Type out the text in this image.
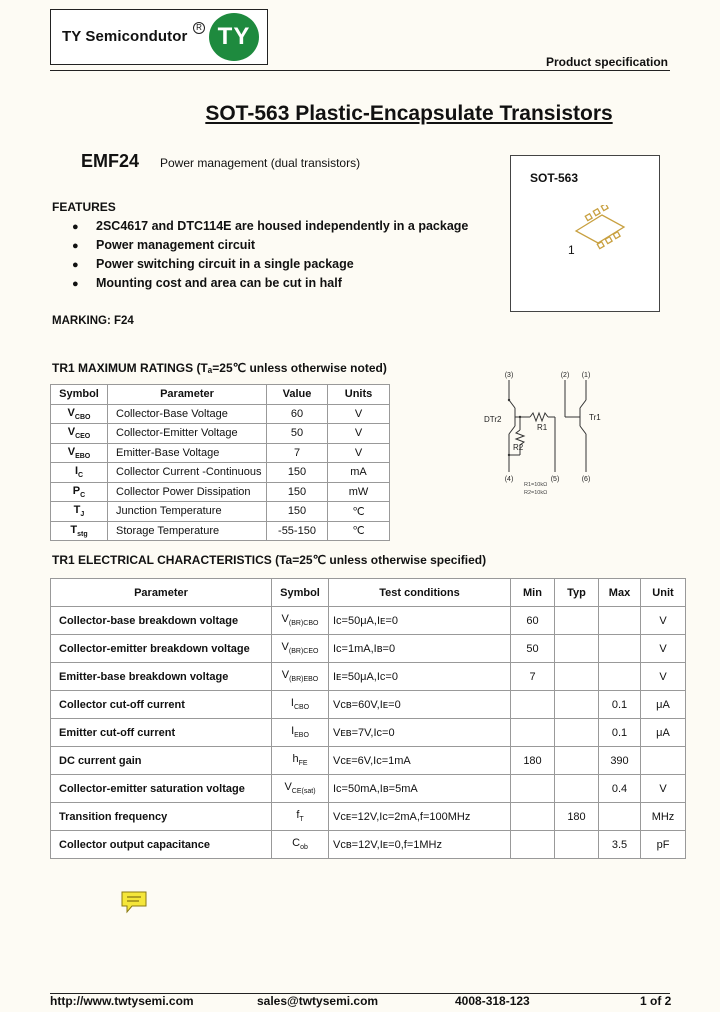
TY Semicondutor
R TY
Product specification
SOT-563 Plastic-Encapsulate Transistors
EMF24 Power management (dual transistors)
SOT-563
1
FEATURES
● 2SC4617 and DTC114E are housed independently in a package
● Power management circuit
● Power switching circuit in a single package
● Mounting cost and area can be cut in half
MARKING: F24
TR1 MAXIMUM RATINGS (Tₐ=25℃ unless otherwise noted)
Symbol	Parameter	Value	Units
$V_{CBO}$	Collector-Base Voltage	60	V
$V_{CEO}$	Collector-Emitter Voltage	50	V
$V_{EBO}$	Emitter-Base Voltage	7	V
$I_C$	Collector Current -Continuous	150	mA
$P_C$	Collector Power Dissipation	150	mW
$T_J$	Junction Temperature	150	℃
$T_{stg}$	Storage Temperature	-55-150	℃
(3)	(2) (1)
(4)	(5)	(6)
DTr2
R1
R2
Tr1
R1=10kΩ
R2=10kΩ
TR1 ELECTRICAL CHARACTERISTICS (Ta=25℃ unless otherwise specified)
Parameter	Symbol	Test conditions	Min	Typ	Max	Unit
Collector-base breakdown voltage	$V_{(BR)CBO}$	Iᴄ=50μA,Iᴇ=0	60			V
Collector-emitter breakdown voltage	$V_{(BR)CEO}$	Iᴄ=1mA,Iʙ=0	50			V
Emitter-base breakdown voltage	$V_{(BR)EBO}$	Iᴇ=50μA,Iᴄ=0	7			V
Collector cut-off current	$I_{CBO}$	Vᴄʙ=60V,Iᴇ=0			0.1	μA
Emitter cut-off current	$I_{EBO}$	Vᴇʙ=7V,Iᴄ=0			0.1	μA
DC current gain	$h_{FE}$	Vᴄᴇ=6V,Iᴄ=1mA	180		390	
Collector-emitter saturation voltage	$V_{CE(sat)}$	Iᴄ=50mA,Iʙ=5mA			0.4	V
Transition frequency	$f_T$	Vᴄᴇ=12V,Iᴄ=2mA,f=100MHz		180		MHz
Collector output capacitance	$C_{ob}$	Vᴄʙ=12V,Iᴇ=0,f=1MHz			3.5	pF
http://www.twtysemi.com	sales@twtysemi.com	4008-318-123	1 of 2
